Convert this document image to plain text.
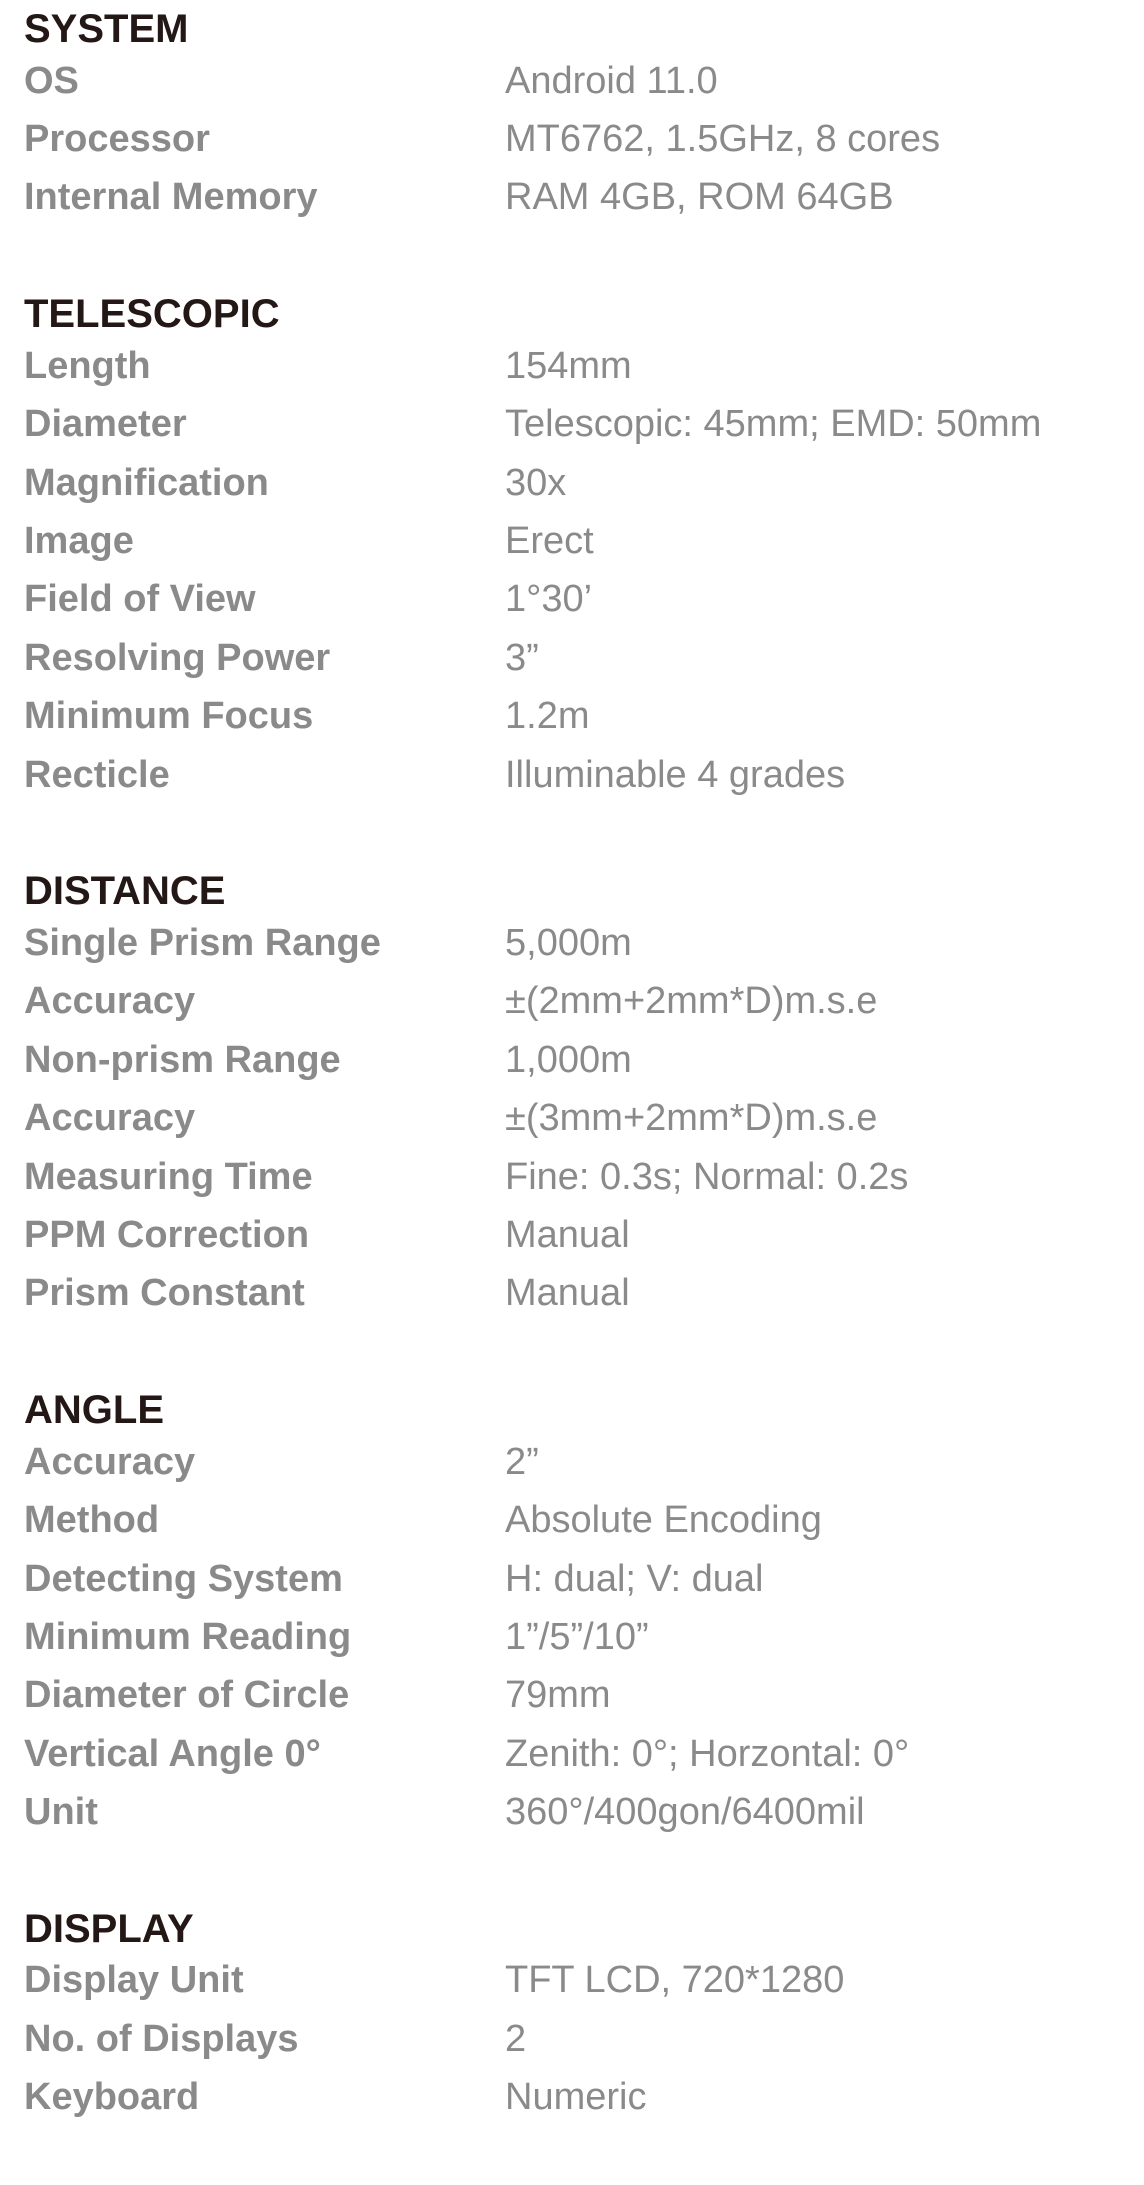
SYSTEM
OS	Android 11.0
Processor	MT6762, 1.5GHz, 8 cores
Internal Memory	RAM 4GB, ROM 64GB
TELESCOPIC
Length	154mm
Diameter	Telescopic: 45mm; EMD: 50mm
Magnification	30x
Image	Erect
Field of View	1°30’
Resolving Power	3”
Minimum Focus	1.2m
Recticle	Illuminable 4 grades
DISTANCE
Single Prism Range	5,000m
Accuracy	±(2mm+2mm*D)m.s.e
Non-prism Range	1,000m
Accuracy	±(3mm+2mm*D)m.s.e
Measuring Time	Fine: 0.3s; Normal: 0.2s
PPM Correction	Manual
Prism Constant	Manual
ANGLE
Accuracy	2”
Method	Absolute Encoding
Detecting System	H: dual; V: dual
Minimum Reading	1”/5”/10”
Diameter of Circle	79mm
Vertical Angle 0°	Zenith: 0°; Horzontal: 0°
Unit	360°/400gon/6400mil
DISPLAY
Display Unit	TFT LCD, 720*1280
No. of Displays	2
Keyboard	Numeric
